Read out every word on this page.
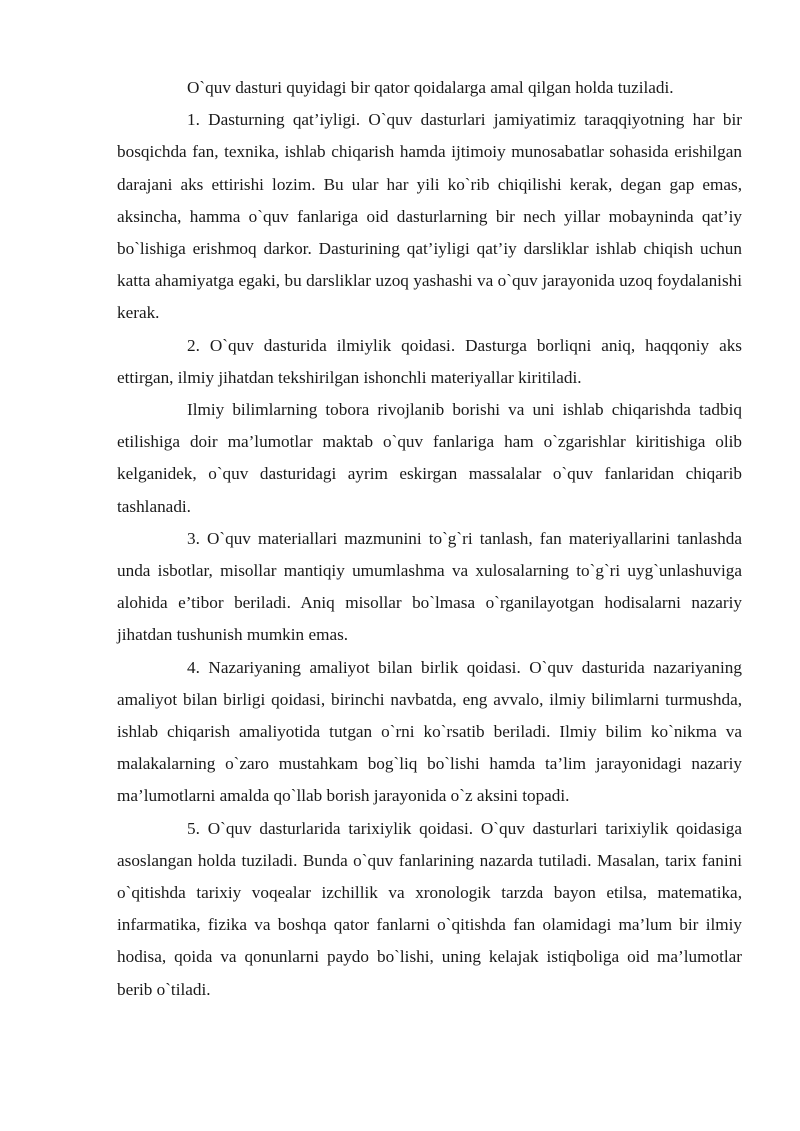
O`quv dasturi quyidagi bir qator qoidalarga amal qilgan holda tuziladi.

1. Dasturning qat’iyligi. O`quv dasturlari jamiyatimiz taraqqiyotning har bir bosqichda fan, texnika, ishlab chiqarish hamda ijtimoiy munosabatlar sohasida erishilgan darajani aks ettirishi lozim. Bu ular har yili ko`rib chiqilishi kerak, degan gap emas, aksincha, hamma o`quv fanlariga oid dasturlarning bir nech yillar mobayninda qat’iy bo`lishiga erishmoq darkor. Dasturining qat’iyligi qat’iy darsliklar ishlab chiqish uchun katta ahamiyatga egaki, bu darsliklar uzoq yashashi va o`quv jarayonida uzoq foydalanishi kerak.

2. O`quv dasturida ilmiylik qoidasi. Dasturga borliqni aniq, haqqoniy aks ettirgan, ilmiy jihatdan tekshirilgan ishonchli materiyallar kiritiladi.

Ilmiy bilimlarning tobora rivojlanib borishi va uni ishlab chiqarishda tadbiq etilishiga doir ma’lumotlar maktab o`quv fanlariga ham o`zgarishlar kiritishiga olib kelganidek, o`quv dasturidagi ayrim eskirgan massalalar o`quv fanlaridan chiqarib tashlanadi.

3. O`quv materiallari mazmunini to`g`ri tanlash, fan materiyallarini tanlashda unda isbotlar, misollar mantiqiy umumlashma va xulosalarning to`g`ri uyg`unlashuviga alohida e’tibor beriladi. Aniq misollar bo`lmasa o`rganilayotgan hodisalarni nazariy jihatdan tushunish mumkin emas.

4. Nazariyaning amaliyot bilan birlik qoidasi. O`quv dasturida nazariyaning amaliyot bilan birligi qoidasi, birinchi navbatda, eng avvalo, ilmiy bilimlarni turmushda, ishlab chiqarish amaliyotida tutgan o`rni ko`rsatib beriladi. Ilmiy bilim ko`nikma va malakalarning o`zaro mustahkam bog`liq bo`lishi hamda ta’lim jarayonidagi nazariy ma’lumotlarni amalda qo`llab borish jarayonida o`z aksini topadi.

5. O`quv dasturlarida tarixiylik qoidasi. O`quv dasturlari tarixiylik qoidasiga asoslangan holda tuziladi. Bunda o`quv fanlarining nazarda tutiladi. Masalan, tarix fanini o`qitishda tarixiy voqealar izchillik va xronologik tarzda bayon etilsa, matematika, infarmatika, fizika va boshqa qator fanlarni o`qitishda fan olamidagi ma’lum bir ilmiy hodisa, qoida va qonunlarni paydo bo`lishi, uning kelajak istiqboliga oid ma’lumotlar berib o`tiladi.
